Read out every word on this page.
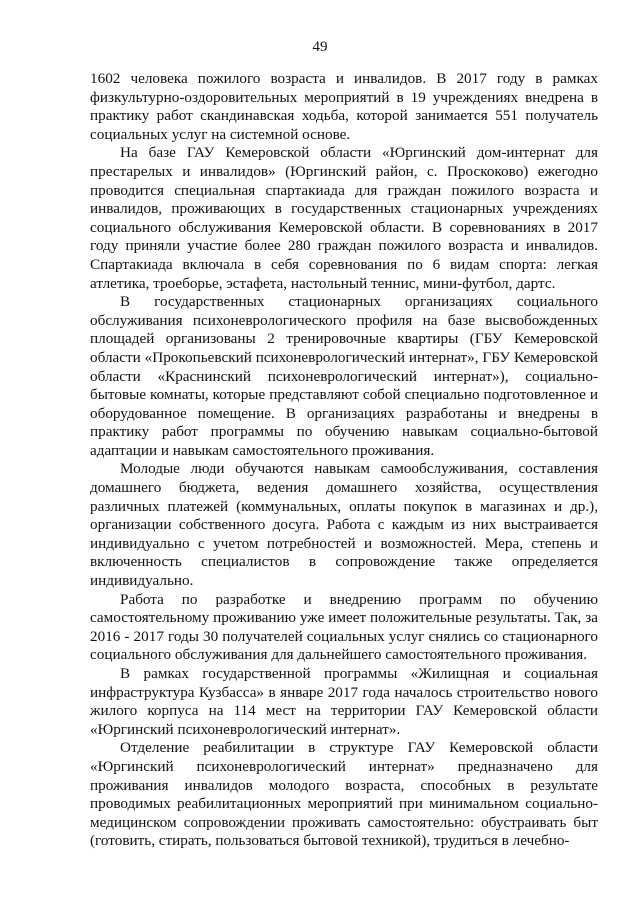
49

1602 человека пожилого возраста и инвалидов. В 2017 году в рамках физкультурно-оздоровительных мероприятий в 19 учреждениях внедрена в практику работ скандинавская ходьба, которой занимается 551 получатель социальных услуг на системной основе.

На базе ГАУ Кемеровской области «Юргинский дом-интернат для престарелых и инвалидов» (Юргинский район, с. Проскоково) ежегодно проводится специальная спартакиада для граждан пожилого возраста и инвалидов, проживающих в государственных стационарных учреждениях социального обслуживания Кемеровской области. В соревнованиях в 2017 году приняли участие более 280 граждан пожилого возраста и инвалидов. Спартакиада включала в себя соревнования по 6 видам спорта: легкая атлетика, троеборье, эстафета, настольный теннис, мини-футбол, дартс.

В государственных стационарных организациях социального обслуживания психоневрологического профиля на базе высвобожденных площадей организованы 2 тренировочные квартиры (ГБУ Кемеровской области «Прокопьевский психоневрологический интернат», ГБУ Кемеровской области «Краснинский психоневрологический интернат»), социально-бытовые комнаты, которые представляют собой специально подготовленное и оборудованное помещение. В организациях разработаны и внедрены в практику работ программы по обучению навыкам социально-бытовой адаптации и навыкам самостоятельного проживания.

Молодые люди обучаются навыкам самообслуживания, составления домашнего бюджета, ведения домашнего хозяйства, осуществления различных платежей (коммунальных, оплаты покупок в магазинах и др.), организации собственного досуга. Работа с каждым из них выстраивается индивидуально с учетом потребностей и возможностей. Мера, степень и включенность специалистов в сопровождение также определяется индивидуально.

Работа по разработке и внедрению программ по обучению самостоятельному проживанию уже имеет положительные результаты. Так, за 2016 - 2017 годы 30 получателей социальных услуг снялись со стационарного социального обслуживания для дальнейшего самостоятельного проживания.

В рамках государственной программы «Жилищная и социальная инфраструктура Кузбасса» в январе 2017 года началось строительство нового жилого корпуса на 114 мест на территории ГАУ Кемеровской области «Юргинский психоневрологический интернат».

Отделение реабилитации в структуре ГАУ Кемеровской области «Юргинский психоневрологический интернат» предназначено для проживания инвалидов молодого возраста, способных в результате проводимых реабилитационных мероприятий при минимальном социально-медицинском сопровождении проживать самостоятельно: обустраивать быт (готовить, стирать, пользоваться бытовой техникой), трудиться в лечебно-
